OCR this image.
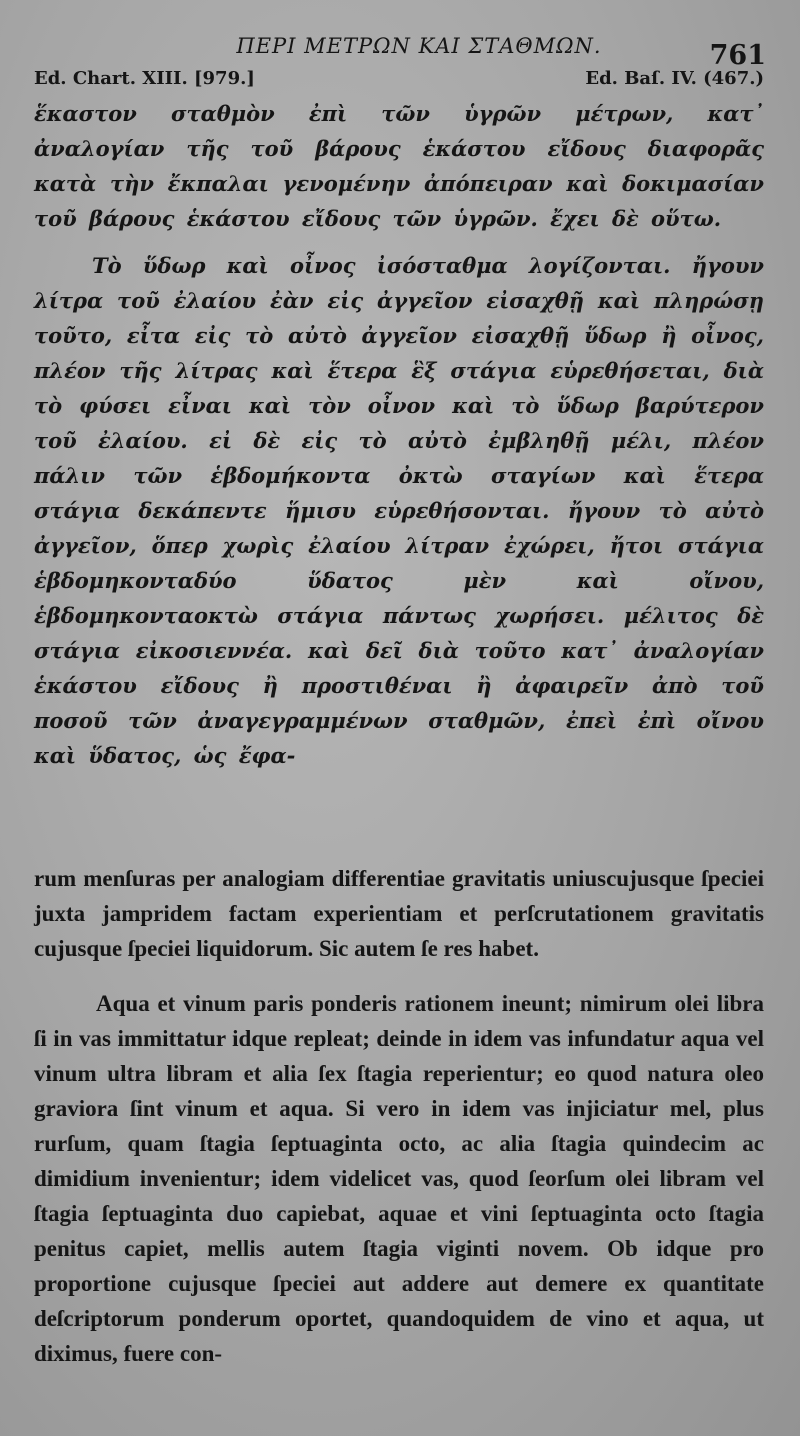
ΠΕΡΙ ΜΕΤΡΩΝ ΚΑΙ ΣΤΑΘΜΩΝ.	761
Ed. Chart. XIII. [979.]	Ed. Baſ. IV. (467.)

ἕκαστον σταθμὸν ἐπὶ τῶν ὑγρῶν μέτρων, κατ᾿ ἀναλογίαν τῆς τοῦ βάρους ἑκάστου εἴδους διαφορᾶς κατὰ τὴν ἔκπαλαι γενομένην ἀπόπειραν καὶ δοκιμασίαν τοῦ βάρους ἑκάστου εἴδους τῶν ὑγρῶν. ἔχει δὲ οὕτω.

Τὸ ὕδωρ καὶ οἶνος ἰσόσταθμα λογίζονται. ἤγουν λίτρα τοῦ ἐλαίου ἐὰν εἰς ἀγγεῖον εἰσαχθῇ καὶ πληρώσῃ τοῦτο, εἶτα εἰς τὸ αὐτὸ ἀγγεῖον εἰσαχθῇ ὕδωρ ἢ οἶνος, πλέον τῆς λίτρας καὶ ἕτερα ἓξ στάγια εὑρεθήσεται, διὰ τὸ φύσει εἶναι καὶ τὸν οἶνον καὶ τὸ ὕδωρ βαρύτερον τοῦ ἐλαίου. εἰ δὲ εἰς τὸ αὐτὸ ἐμβληθῇ μέλι, πλέον πάλιν τῶν ἑβδομήκοντα ὀκτὼ σταγίων καὶ ἕτερα στάγια δεκάπεντε ἥμισυ εὑρεθήσονται. ἤγουν τὸ αὐτὸ ἀγγεῖον, ὅπερ χωρὶς ἐλαίου λίτραν ἐχώρει, ἤτοι στάγια ἑβδομηκονταδύο ὕδατος μὲν καὶ οἴνου, ἑβδομηκονταοκτὼ στάγια πάντως χωρήσει. μέλιτος δὲ στάγια εἰκοσιεννέα. καὶ δεῖ διὰ τοῦτο κατ᾿ ἀναλογίαν ἑκάστου εἴδους ἢ προστιθέναι ἢ ἀφαιρεῖν ἀπὸ τοῦ ποσοῦ τῶν ἀναγεγραμμένων σταθμῶν, ἐπεὶ ἐπὶ οἴνου καὶ ὕδατος, ὡς ἔφα-

rum menſuras per analogiam differentiae gravitatis uniuscujusque ſpeciei juxta jampridem factam experientiam et perſcrutationem gravitatis cujusque ſpeciei liquidorum. Sic autem ſe res habet.

Aqua et vinum paris ponderis rationem ineunt; nimirum olei libra ſi in vas immittatur idque repleat; deinde in idem vas infundatur aqua vel vinum ultra libram et alia ſex ſtagia reperientur; eo quod natura oleo graviora ſint vinum et aqua. Si vero in idem vas injiciatur mel, plus rurſum, quam ſtagia ſeptuaginta octo, ac alia ſtagia quindecim ac dimidium invenientur; idem videlicet vas, quod ſeorſum olei libram vel ſtagia ſeptuaginta duo capiebat, aquae et vini ſeptuaginta octo ſtagia penitus capiet, mellis autem ſtagia viginti novem. Ob idque pro proportione cujusque ſpeciei aut addere aut demere ex quantitate deſcriptorum ponderum oportet, quandoquidem de vino et aqua, ut diximus, fuere con-
